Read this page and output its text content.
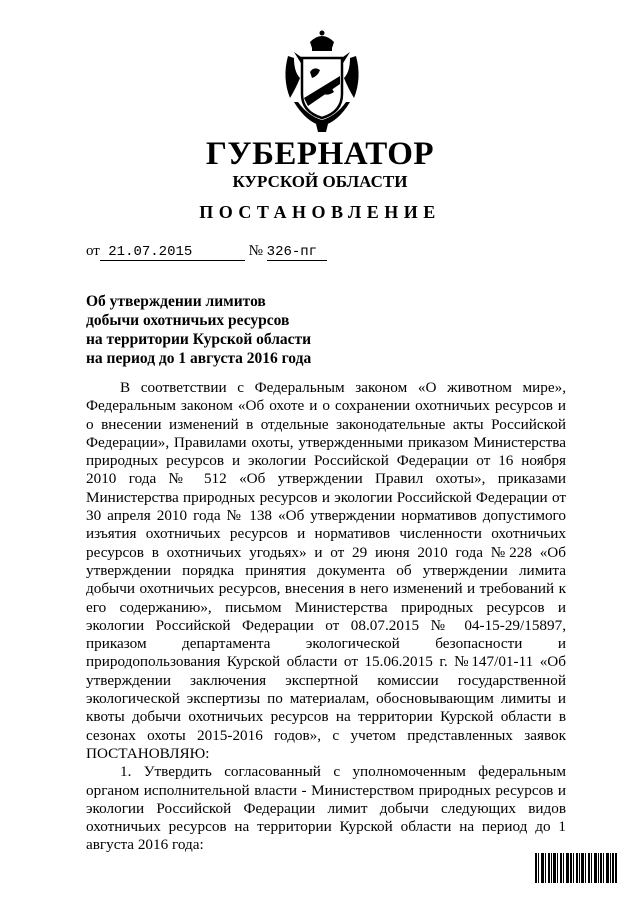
ГУБЕРНАТОР
КУРСКОЙ ОБЛАСТИ
ПОСТАНОВЛЕНИЕ
от 21.07.2015	№ 326-пг
Об утверждении лимитов
добычи охотничьих ресурсов
на территории Курской области
на период до 1 августа 2016 года

В соответствии с Федеральным законом «О животном мире», Федеральным законом «Об охоте и о сохранении охотничьих ресурсов и о внесении изменений в отдельные законодательные акты Российской Федерации», Правилами охоты, утвержденными приказом Министерства природных ресурсов и экологии Российской Федерации от 16 ноября 2010 года № 512 «Об утверждении Правил охоты», приказами Министерства природных ресурсов и экологии Российской Федерации от 30 апреля 2010 года № 138 «Об утверждении нормативов допустимого изъятия охотничьих ресурсов и нормативов численности охотничьих ресурсов в охотничьих угодьях» и от 29 июня 2010 года №228 «Об утверждении порядка принятия документа об утверждении лимита добычи охотничьих ресурсов, внесения в него изменений и требований к его содержанию», письмом Министерства природных ресурсов и экологии Российской Федерации от 08.07.2015 № 04-15-29/15897, приказом департамента экологической безопасности и природопользования Курской области от 15.06.2015 г. №147/01-11 «Об утверждении заключения экспертной комиссии государственной экологической экспертизы по материалам, обосновывающим лимиты и квоты добычи охотничьих ресурсов на территории Курской области в сезонах охоты 2015-2016 годов», с учетом представленных заявок ПОСТАНОВЛЯЮ:

1. Утвердить согласованный с уполномоченным федеральным органом исполнительной власти - Министерством природных ресурсов и экологии Российской Федерации лимит добычи следующих видов охотничьих ресурсов на территории Курской области на период до 1 августа 2016 года:
